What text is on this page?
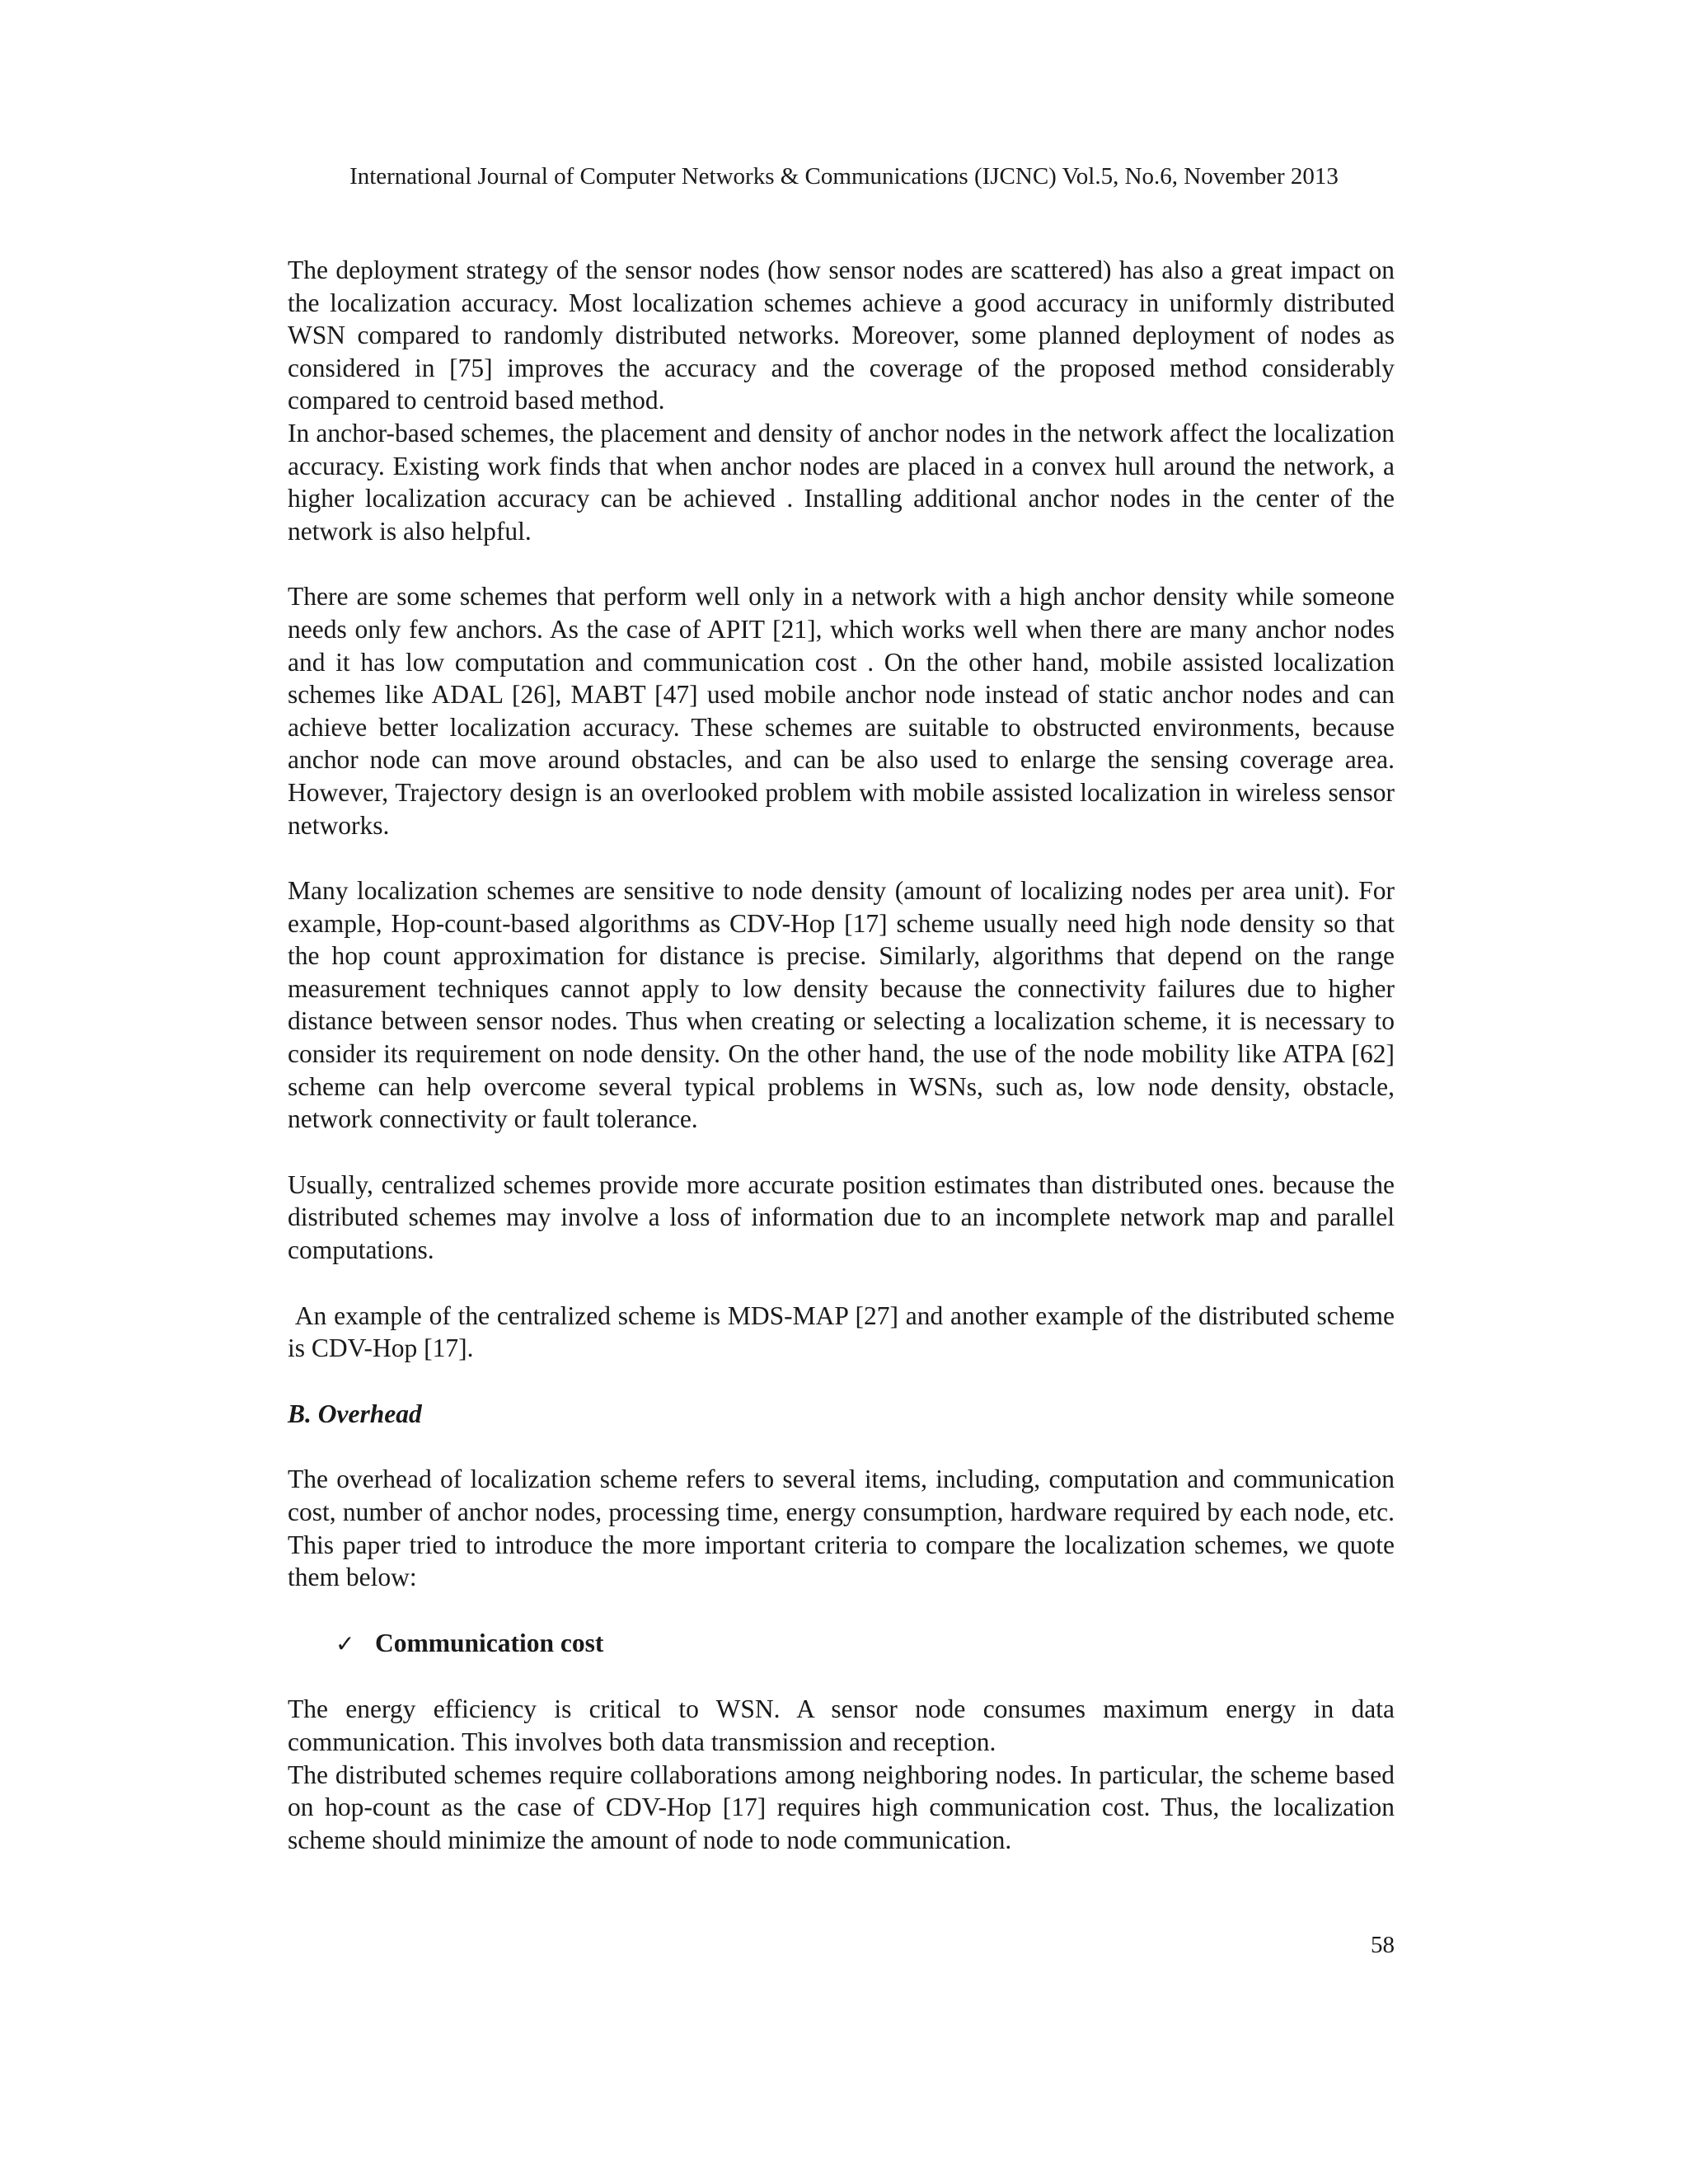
International Journal of Computer Networks & Communications (IJCNC) Vol.5, No.6, November 2013

The deployment strategy of the sensor nodes (how sensor nodes are scattered) has also a great impact on the localization accuracy. Most localization schemes achieve a good accuracy in uniformly distributed WSN compared to randomly distributed networks. Moreover, some planned deployment of nodes as considered in [75] improves the accuracy and the coverage of the proposed method considerably compared to centroid based method.

In anchor-based schemes, the placement and density of anchor nodes in the network affect the localization accuracy. Existing work finds that when anchor nodes are placed in a convex hull around the network, a higher localization accuracy can be achieved . Installing additional anchor nodes in the center of the network is also helpful.

There are some schemes that perform well only in a network with a high anchor density while someone needs only few anchors. As the case of APIT [21], which works well when there are many anchor nodes and it has low computation and communication cost . On the other hand, mobile assisted localization schemes like ADAL [26], MABT [47] used mobile anchor node instead of static anchor nodes and can achieve better localization accuracy. These schemes are suitable to obstructed environments, because anchor node can move around obstacles, and can be also used to enlarge the sensing coverage area. However, Trajectory design is an overlooked problem with mobile assisted localization in wireless sensor networks.

Many localization schemes are sensitive to node density (amount of localizing nodes per area unit). For example, Hop-count-based algorithms as CDV-Hop [17] scheme usually need high node density so that the hop count approximation for distance is precise. Similarly, algorithms that depend on the range measurement techniques cannot apply to low density because the connectivity failures due to higher distance between sensor nodes. Thus when creating or selecting a localization scheme, it is necessary to consider its requirement on node density. On the other hand, the use of the node mobility like ATPA [62] scheme can help overcome several typical problems in WSNs, such as, low node density, obstacle, network connectivity or fault tolerance.

Usually, centralized schemes provide more accurate position estimates than distributed ones. because the distributed schemes may involve a loss of information due to an incomplete network map and parallel computations.

An example of the centralized scheme is MDS-MAP [27] and another example of the distributed scheme is CDV-Hop [17].

B. Overhead

The overhead of localization scheme refers to several items, including, computation and communication cost, number of anchor nodes, processing time, energy consumption, hardware required by each node, etc. This paper tried to introduce the more important criteria to compare the localization schemes, we quote them below:

✓ Communication cost

The energy efficiency is critical to WSN. A sensor node consumes maximum energy in data communication. This involves both data transmission and reception.

The distributed schemes require collaborations among neighboring nodes. In particular, the scheme based on hop-count as the case of CDV-Hop [17] requires high communication cost. Thus, the localization scheme should minimize the amount of node to node communication.

58
